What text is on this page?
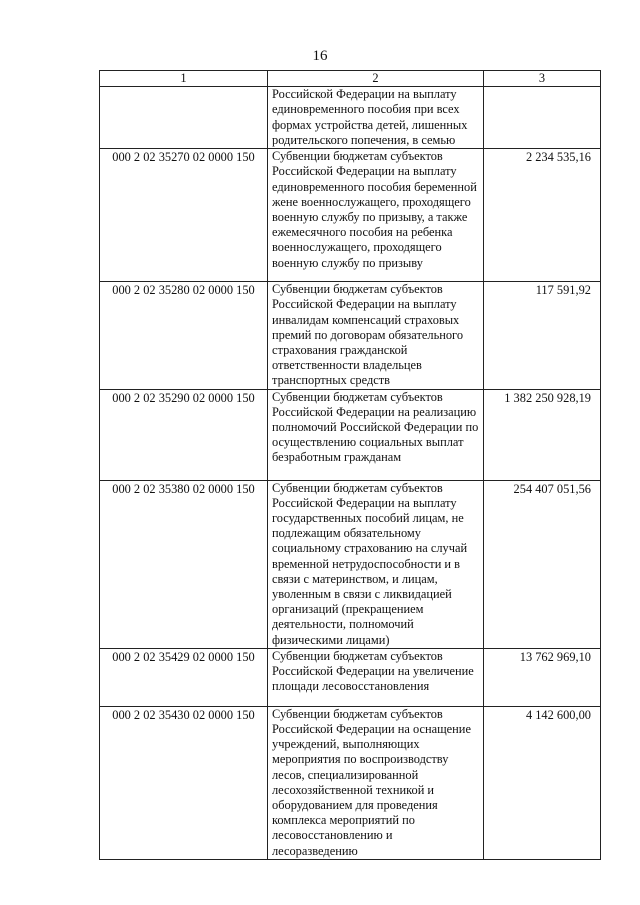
16
1	2	3
	Российской Федерации на выплату единовременного пособия при всех формах устройства детей, лишенных родительского попечения, в семью	
000 2 02 35270 02 0000 150	Субвенции бюджетам субъектов Российской Федерации на выплату единовременного пособия беременной жене военнослужащего, проходящего военную службу по призыву, а также ежемесячного пособия на ребенка военнослужащего, проходящего военную службу по призыву	2 234 535,16
000 2 02 35280 02 0000 150	Субвенции бюджетам субъектов Российской Федерации на выплату инвалидам компенсаций страховых премий по договорам обязательного страхования гражданской ответственности владельцев транспортных средств	117 591,92
000 2 02 35290 02 0000 150	Субвенции бюджетам субъектов Российской Федерации на реализацию полномочий Российской Федерации по осуществлению социальных выплат безработным гражданам	1 382 250 928,19
000 2 02 35380 02 0000 150	Субвенции бюджетам субъектов Российской Федерации на выплату государственных пособий лицам, не подлежащим обязательному социальному страхованию на случай временной нетрудоспособности и в связи с материнством, и лицам, уволенным в связи с ликвидацией организаций (прекращением деятельности, полномочий физическими лицами)	254 407 051,56
000 2 02 35429 02 0000 150	Субвенции бюджетам субъектов Российской Федерации на увеличение площади лесовосстановления	13 762 969,10
000 2 02 35430 02 0000 150	Субвенции бюджетам субъектов Российской Федерации на оснащение учреждений, выполняющих мероприятия по воспроизводству лесов, специализированной лесохозяйственной техникой и оборудованием для проведения комплекса мероприятий по лесовосстановлению и лесоразведению	4 142 600,00
